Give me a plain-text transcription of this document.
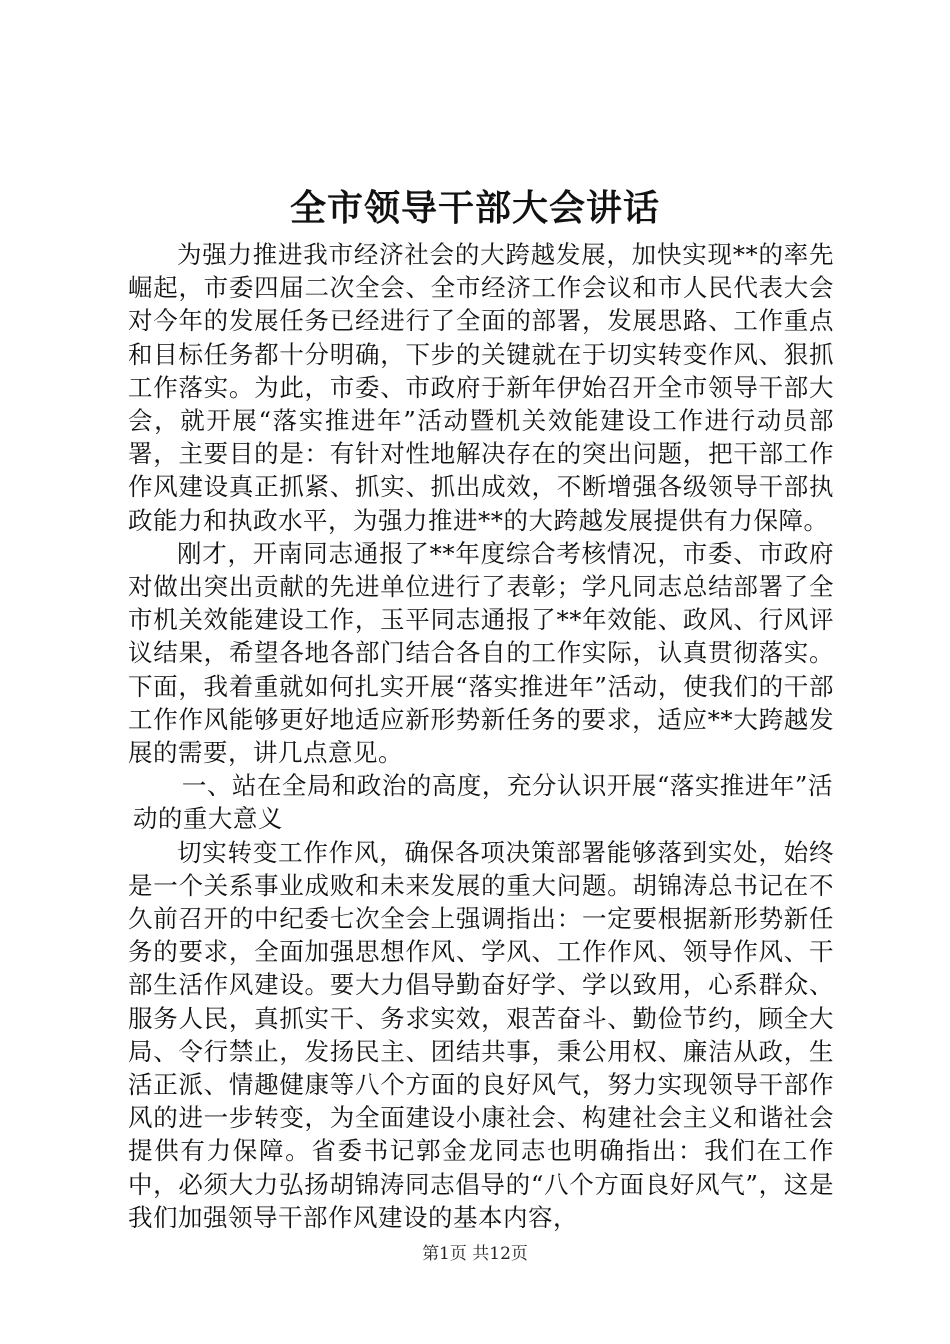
全市领导干部大会讲话

为强力推进我市经济社会的大跨越发展，加快实现**的率先崛起，市委四届二次全会、全市经济工作会议和市人民代表大会对今年的发展任务已经进行了全面的部署，发展思路、工作重点和目标任务都十分明确，下步的关键就在于切实转变作风、狠抓工作落实。为此，市委、市政府于新年伊始召开全市领导干部大会，就开展“落实推进年”活动暨机关效能建设工作进行动员部署，主要目的是：有针对性地解决存在的突出问题，把干部工作作风建设真正抓紧、抓实、抓出成效，不断增强各级领导干部执政能力和执政水平，为强力推进**的大跨越发展提供有力保障。

刚才，开南同志通报了**年度综合考核情况，市委、市政府对做出突出贡献的先进单位进行了表彰；学凡同志总结部署了全市机关效能建设工作，玉平同志通报了**年效能、政风、行风评议结果，希望各地各部门结合各自的工作实际，认真贯彻落实。下面，我着重就如何扎实开展“落实推进年”活动，使我们的干部工作作风能够更好地适应新形势新任务的要求，适应**大跨越发展的需要，讲几点意见。

一、站在全局和政治的高度，充分认识开展“落实推进年”活动的重大意义

切实转变工作作风，确保各项决策部署能够落到实处，始终是一个关系事业成败和未来发展的重大问题。胡锦涛总书记在不久前召开的中纪委七次全会上强调指出：一定要根据新形势新任务的要求，全面加强思想作风、学风、工作作风、领导作风、干部生活作风建设。要大力倡导勤奋好学、学以致用，心系群众、服务人民，真抓实干、务求实效，艰苦奋斗、勤俭节约，顾全大局、令行禁止，发扬民主、团结共事，秉公用权、廉洁从政，生活正派、情趣健康等八个方面的良好风气，努力实现领导干部作风的进一步转变，为全面建设小康社会、构建社会主义和谐社会提供有力保障。省委书记郭金龙同志也明确指出：我们在工作中，必须大力弘扬胡锦涛同志倡导的“八个方面良好风气”，这是我们加强领导干部作风建设的基本内容，

第1页 共12页
